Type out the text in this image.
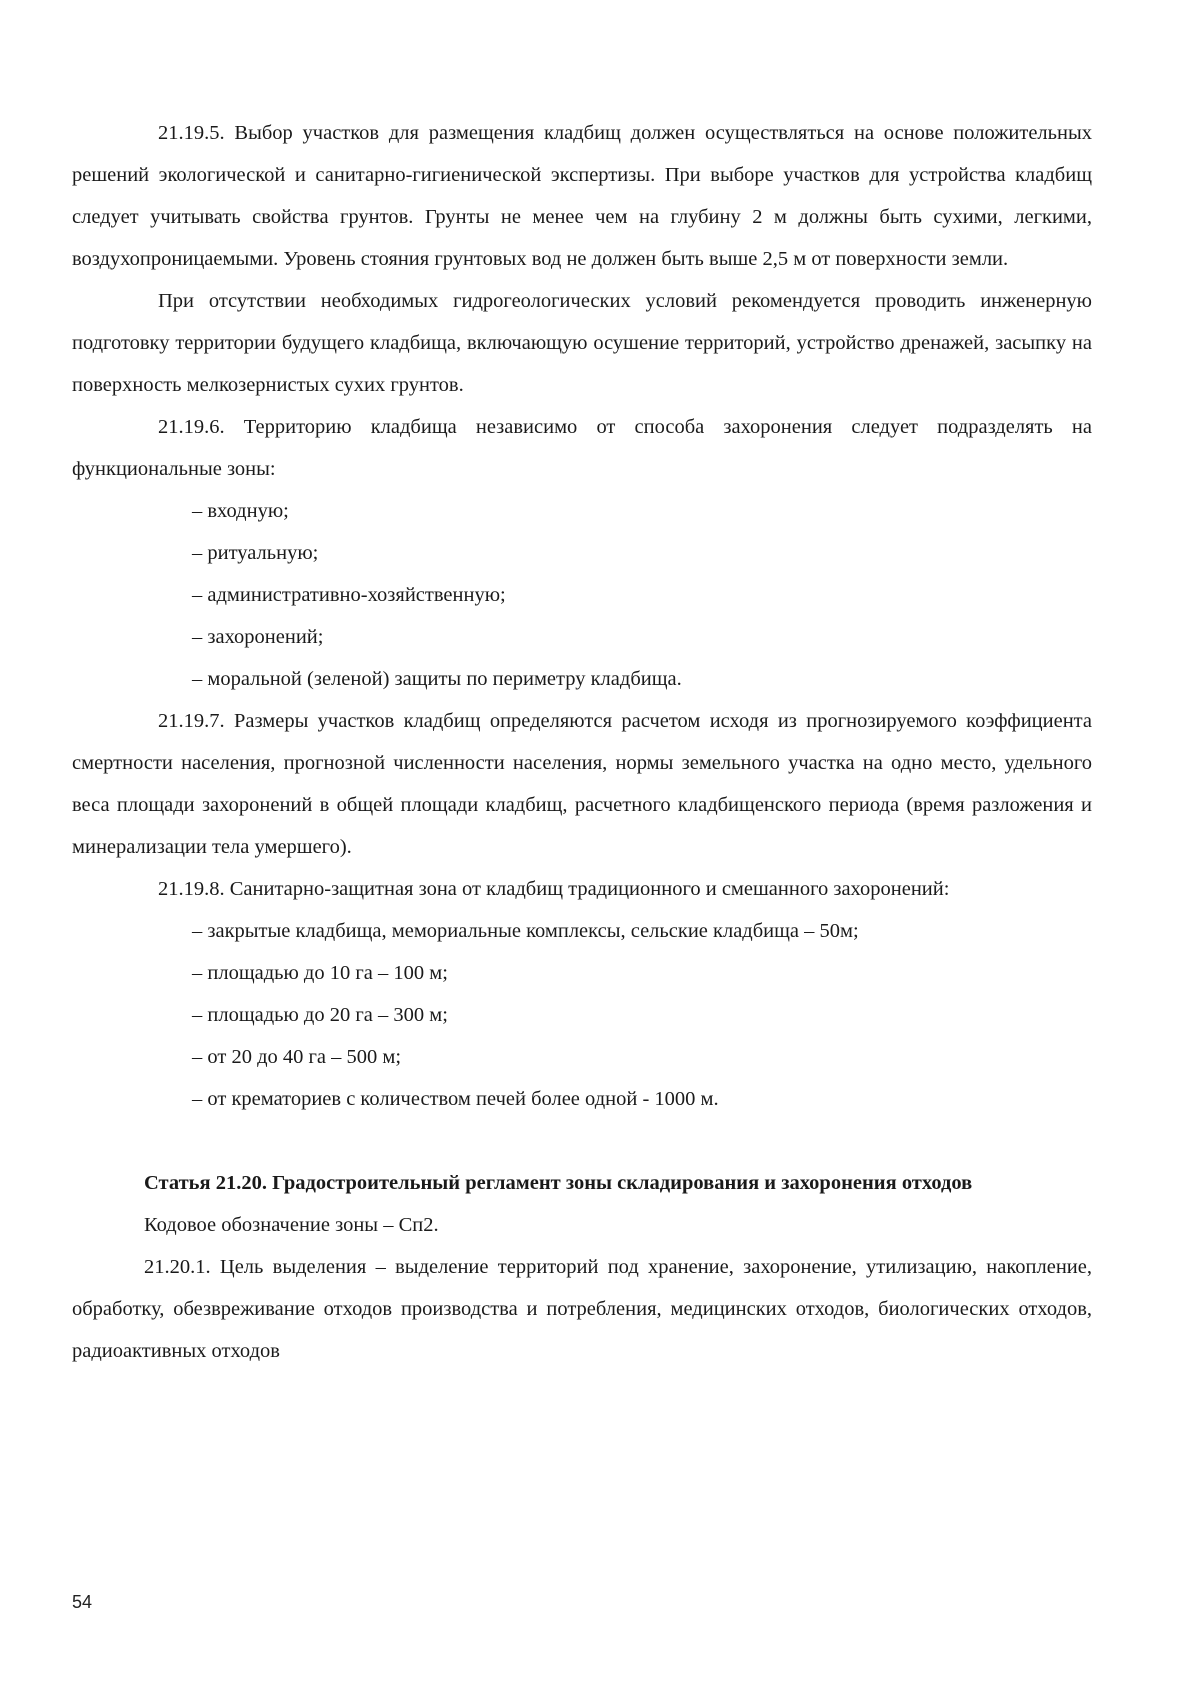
21.19.5. Выбор участков для размещения кладбищ должен осуществляться на основе положительных решений экологической и санитарно-гигиенической экспертизы. При выборе участков для устройства кладбищ следует учитывать свойства грунтов. Грунты не менее чем на глубину 2 м должны быть сухими, легкими, воздухопроницаемыми. Уровень стояния грунтовых вод не должен быть выше 2,5 м от поверхности земли.

При отсутствии необходимых гидрогеологических условий рекомендуется проводить инженерную подготовку территории будущего кладбища, включающую осушение территорий, устройство дренажей, засыпку на поверхность мелкозернистых сухих грунтов.

21.19.6. Территорию кладбища независимо от способа захоронения следует подразделять на функциональные зоны:

– входную;
– ритуальную;
– административно-хозяйственную;
– захоронений;
– моральной (зеленой) защиты по периметру кладбища.

21.19.7. Размеры участков кладбищ определяются расчетом исходя из прогнозируемого коэффициента смертности населения, прогнозной численности населения, нормы земельного участка на одно место, удельного веса площади захоронений в общей площади кладбищ, расчетного кладбищенского периода (время разложения и минерализации тела умершего).

21.19.8. Санитарно-защитная зона от кладбищ традиционного и смешанного захоронений:

– закрытые кладбища, мемориальные комплексы, сельские кладбища – 50м;
– площадью до 10 га – 100 м;
– площадью до 20 га – 300 м;
– от 20 до 40 га – 500 м;
– от крематориев с количеством печей более одной - 1000 м.

Статья 21.20. Градостроительный регламент зоны складирования и захоронения отходов

Кодовое обозначение зоны – Сп2.

21.20.1. Цель выделения – выделение территорий под хранение, захоронение, утилизацию, накопление, обработку, обезвреживание отходов производства и потребления, медицинских отходов, биологических отходов, радиоактивных отходов

54
